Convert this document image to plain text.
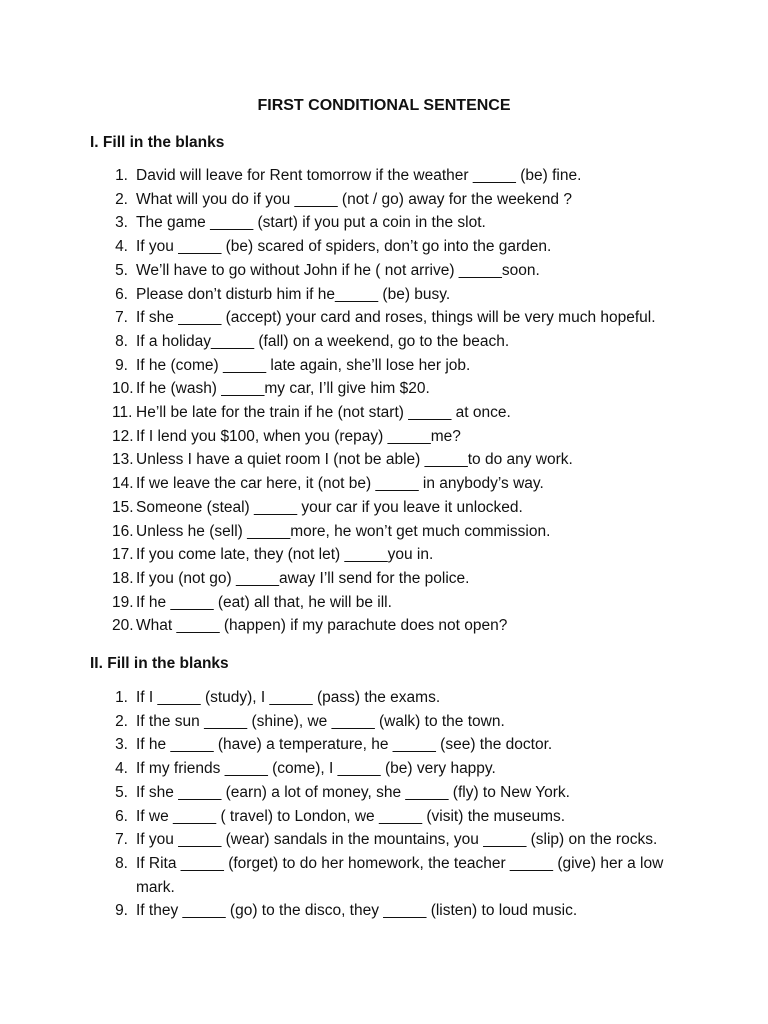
FIRST CONDITIONAL SENTENCE
I. Fill in the blanks
1. David will leave for Rent tomorrow if the weather _____ (be) fine.
2. What will you do if you _____ (not / go) away for the weekend ?
3. The game _____ (start) if you put a coin in the slot.
4. If you _____ (be) scared of spiders, don’t go into the garden.
5. We’ll have to go without John if he ( not arrive) _____soon.
6. Please don’t disturb him if he_____ (be) busy.
7. If she _____ (accept) your card and roses, things will be very much hopeful.
8. If a holiday_____ (fall) on a weekend, go to the beach.
9. If he (come) _____ late again, she’ll lose her job.
10. If he (wash) _____my car, I’ll give him $20.
11. He’ll be late for the train if he (not start) _____ at once.
12. If I lend you $100, when you (repay) _____me?
13. Unless I have a quiet room I (not be able) _____to do any work.
14. If we leave the car here, it (not be) _____ in anybody’s way.
15. Someone (steal) _____ your car if you leave it unlocked.
16. Unless he (sell) _____more, he won’t get much commission.
17. If you come late, they (not let) _____you in.
18. If you (not go) _____away I’ll send for the police.
19. If he _____ (eat) all that, he will be ill.
20. What _____ (happen) if my parachute does not open?
II. Fill in the blanks
1. If I _____ (study), I _____ (pass) the exams.
2. If the sun _____ (shine), we _____ (walk) to the town.
3. If he _____ (have) a temperature, he _____ (see) the doctor.
4. If my friends _____ (come), I _____ (be) very happy.
5. If she _____ (earn) a lot of money, she _____ (fly) to New York.
6. If we _____ ( travel) to London, we _____ (visit) the museums.
7. If you _____ (wear) sandals in the mountains, you _____ (slip) on the rocks.
8. If Rita _____ (forget) to do her homework, the teacher _____ (give) her a low mark.
9. If they _____ (go) to the disco, they _____ (listen) to loud music.
